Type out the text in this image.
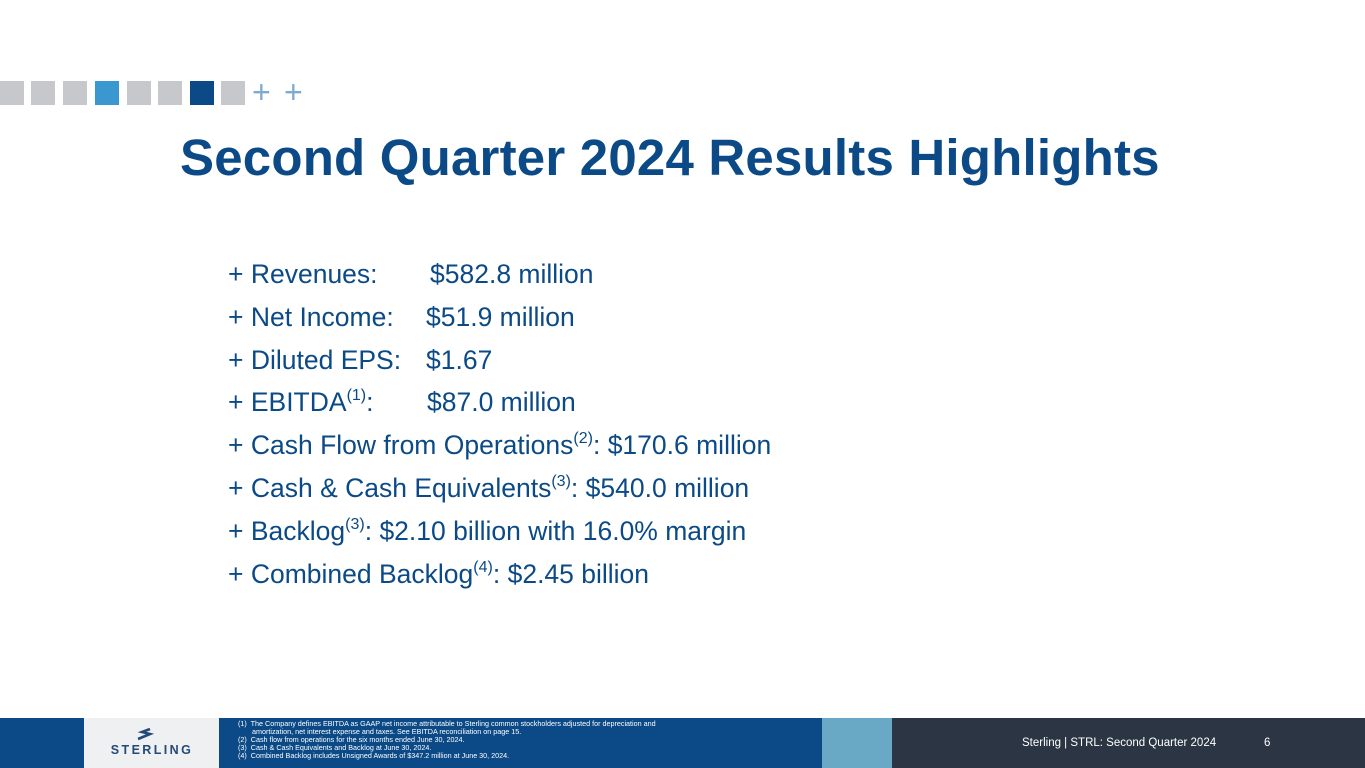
+ +
Second Quarter 2024 Results Highlights
+ Revenues: $582.8 million
+ Net Income: $51.9 million
+ Diluted EPS: $1.67
+ $EBITDA^{(1)}$: $87.0 million
+ Cash Flow from Operations$^{(2)}$: $170.6 million
+ Cash & Cash Equivalents$^{(3)}$: $540.0 million
+ Backlog$^{(3)}$: $2.10 billion with 16.0% margin
+ Combined Backlog$^{(4)}$: $2.45 billion
STERLING
(1)  The Company defines EBITDA as GAAP net income attributable to Sterling common stockholders adjusted for depreciation and
amortization, net interest expense and taxes. See EBITDA reconciliation on page 15.
(2)  Cash flow from operations for the six months ended June 30, 2024.
(3)  Cash & Cash Equivalents and Backlog at June 30, 2024.
(4)  Combined Backlog includes Unsigned Awards of $347.2 million at June 30, 2024.
Sterling | STRL: Second Quarter 2024	6
